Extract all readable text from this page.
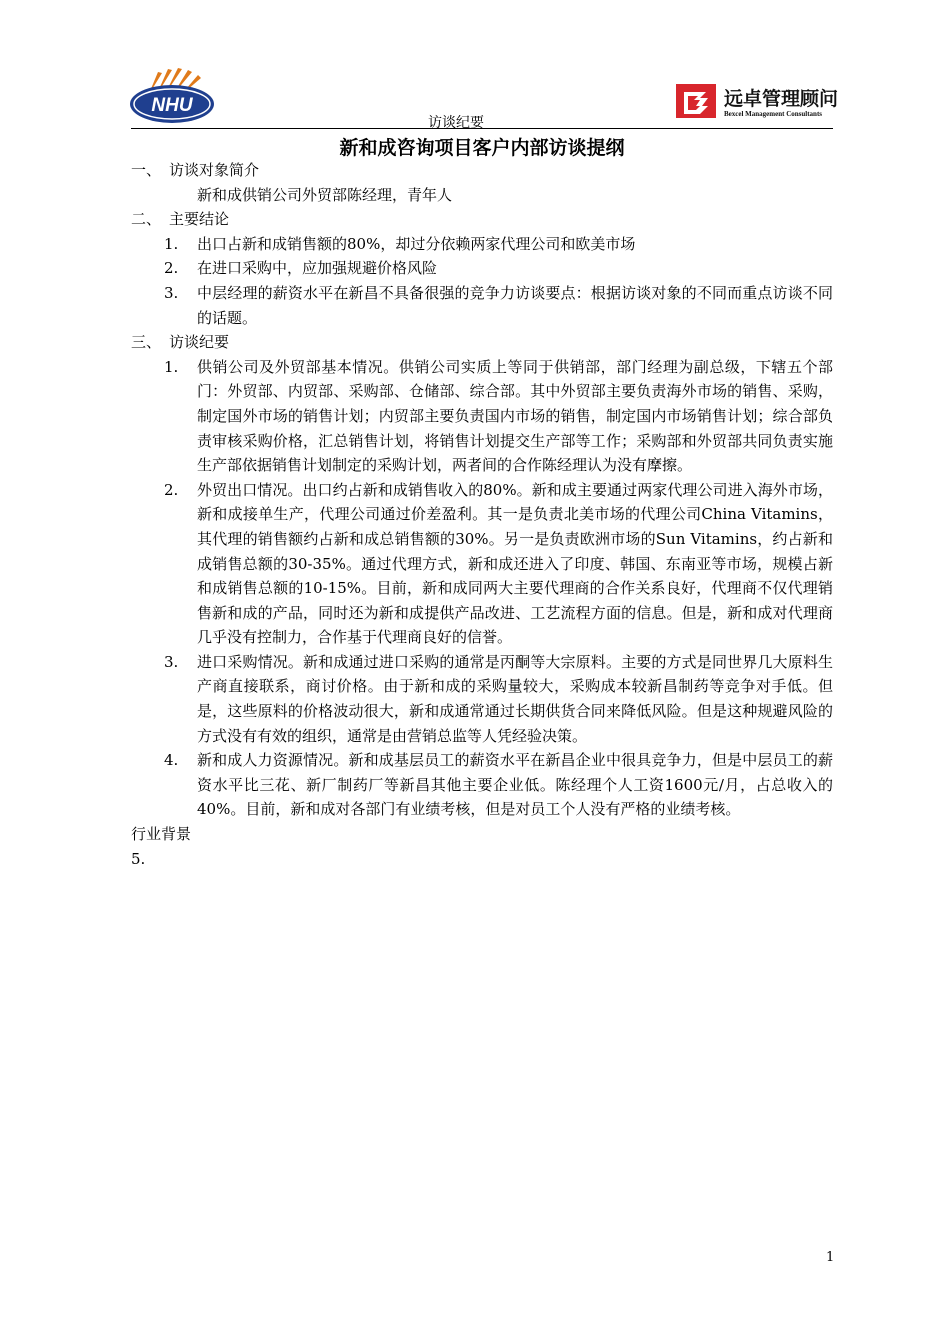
NHU	远卓管理顾问
Bexcel Management Consultants
访谈纪要
新和成咨询项目客户内部访谈提纲
一、 访谈对象简介
新和成供销公司外贸部陈经理，青年人
二、 主要结论
1. 出口占新和成销售额的80%，却过分依赖两家代理公司和欧美市场
2. 在进口采购中，应加强规避价格风险
3. 中层经理的薪资水平在新昌不具备很强的竞争力访谈要点：根据访谈对象的不同而重点访谈不同的话题。
三、 访谈纪要
1. 供销公司及外贸部基本情况。供销公司实质上等同于供销部，部门经理为副总级，下辖五个部门：外贸部、内贸部、采购部、仓储部、综合部。其中外贸部主要负责海外市场的销售、采购，制定国外市场的销售计划；内贸部主要负责国内市场的销售，制定国内市场销售计划；综合部负责审核采购价格，汇总销售计划，将销售计划提交生产部等工作；采购部和外贸部共同负责实施生产部依据销售计划制定的采购计划，两者间的合作陈经理认为没有摩擦。
2. 外贸出口情况。出口约占新和成销售收入的80%。新和成主要通过两家代理公司进入海外市场，新和成接单生产，代理公司通过价差盈利。其一是负责北美市场的代理公司China Vitamins，其代理的销售额约占新和成总销售额的30%。另一是负责欧洲市场的Sun Vitamins，约占新和成销售总额的30-35%。通过代理方式，新和成还进入了印度、韩国、东南亚等市场，规模占新和成销售总额的10-15%。目前，新和成同两大主要代理商的合作关系良好，代理商不仅代理销售新和成的产品，同时还为新和成提供产品改进、工艺流程方面的信息。但是，新和成对代理商几乎没有控制力，合作基于代理商良好的信誉。
3. 进口采购情况。新和成通过进口采购的通常是丙酮等大宗原料。主要的方式是同世界几大原料生产商直接联系，商讨价格。由于新和成的采购量较大，采购成本较新昌制药等竞争对手低。但是，这些原料的价格波动很大，新和成通常通过长期供货合同来降低风险。但是这种规避风险的方式没有有效的组织，通常是由营销总监等人凭经验决策。
4. 新和成人力资源情况。新和成基层员工的薪资水平在新昌企业中很具竞争力，但是中层员工的薪资水平比三花、新厂制药厂等新昌其他主要企业低。陈经理个人工资1600元/月，占总收入的40%。目前，新和成对各部门有业绩考核，但是对员工个人没有严格的业绩考核。
行业背景
5.
1
